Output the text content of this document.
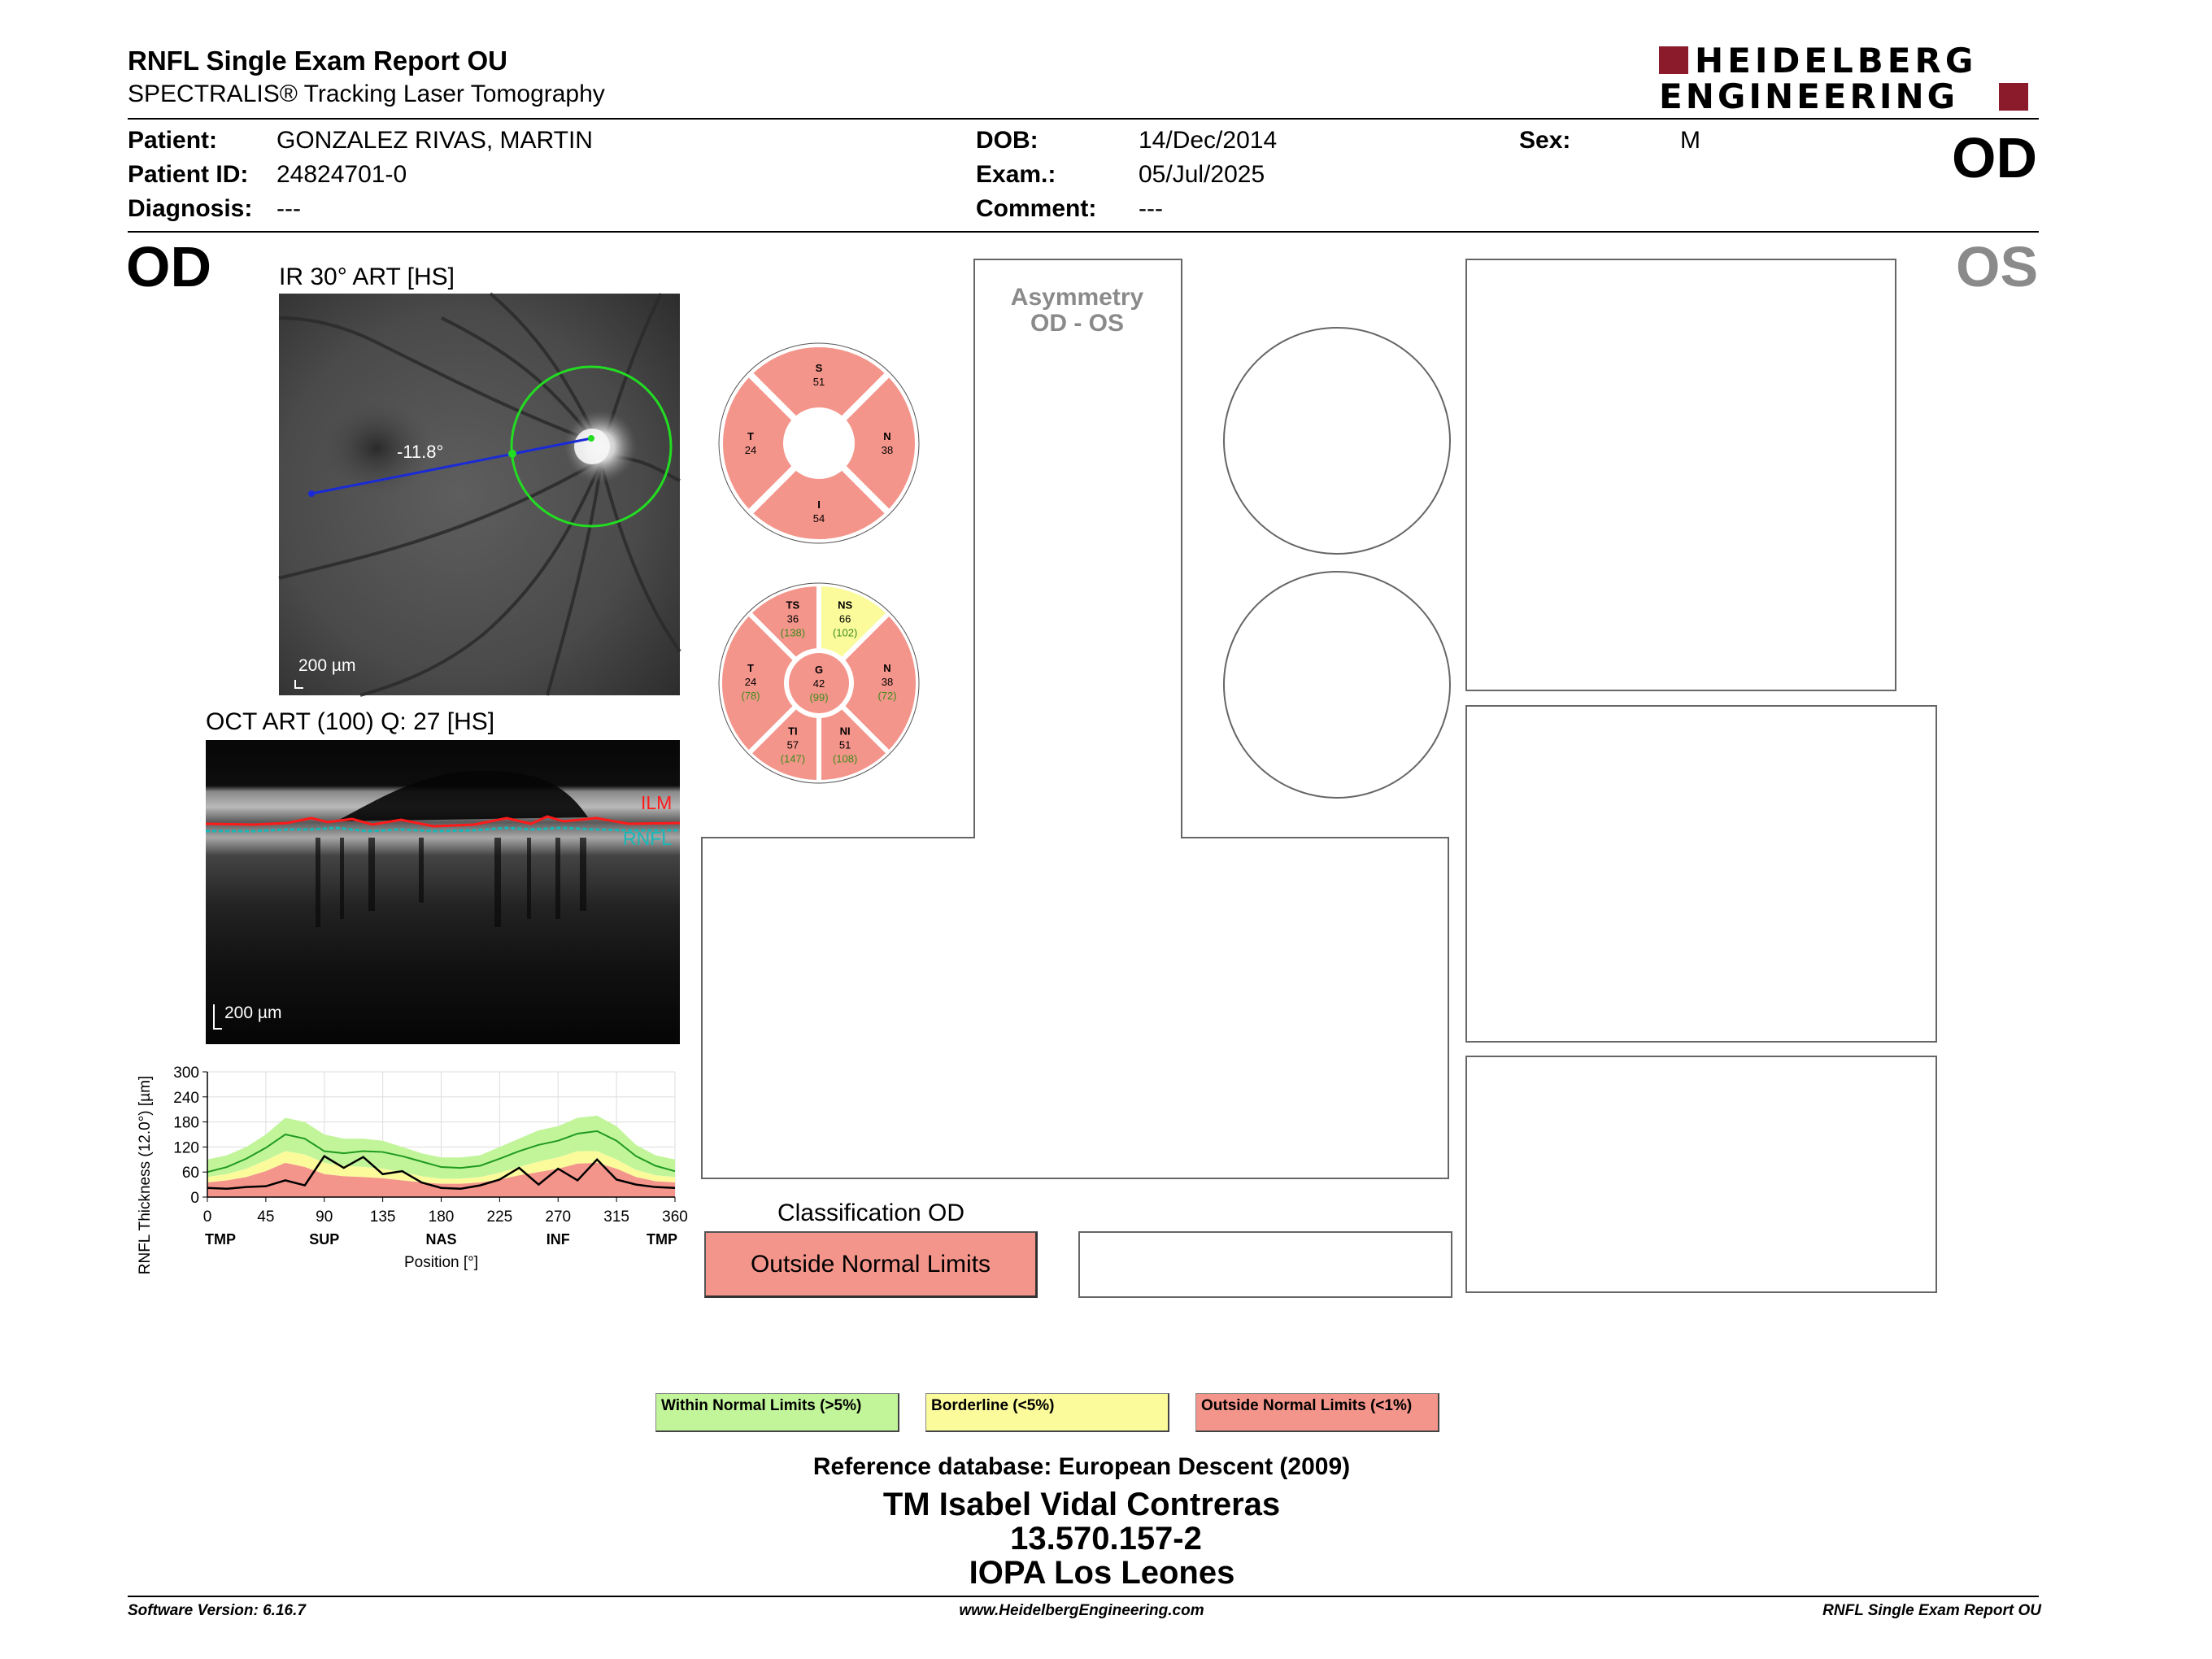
RNFL Single Exam Report OU
SPECTRALIS® Tracking Laser Tomography
HEIDELBERG
ENGINEERING
Patient: GONZALEZ RIVAS, MARTIN
Patient ID: 24824701-0
Diagnosis: ---
DOB:	14/Dec/2014
Exam.:	05/Jul/2025
Comment: ---
Sex:	M	OD
OD	OS
IR 30° ART [HS]
-11.8°
200 µm
OCT ART (100) Q: 27 [HS]
ILM
RNFL
200 µm
0
60
120
180
240
300
0	45	90 135 180 225 270 315 360
TMP	SUP	NAS	INF	TMP
Position [°]
RNFL Thickness (12.0°) [µm]
S
51
N
38
I
54
T
24
TS
36
(138)
NS
66
(102)
N
38
(72)
NI
51
(108)
TI
57
(147)
T
24
(78)
G
42
(99)
Asymmetry
OD - OS
Classification OD
Outside Normal Limits
Within Normal Limits (>5%)	Borderline (<5%)	Outside Normal Limits (<1%)
Reference database: European Descent (2009)
TM Isabel Vidal Contreras
13.570.157-2
IOPA Los Leones
Software Version: 6.16.7	www.HeidelbergEngineering.com	RNFL Single Exam Report OU
